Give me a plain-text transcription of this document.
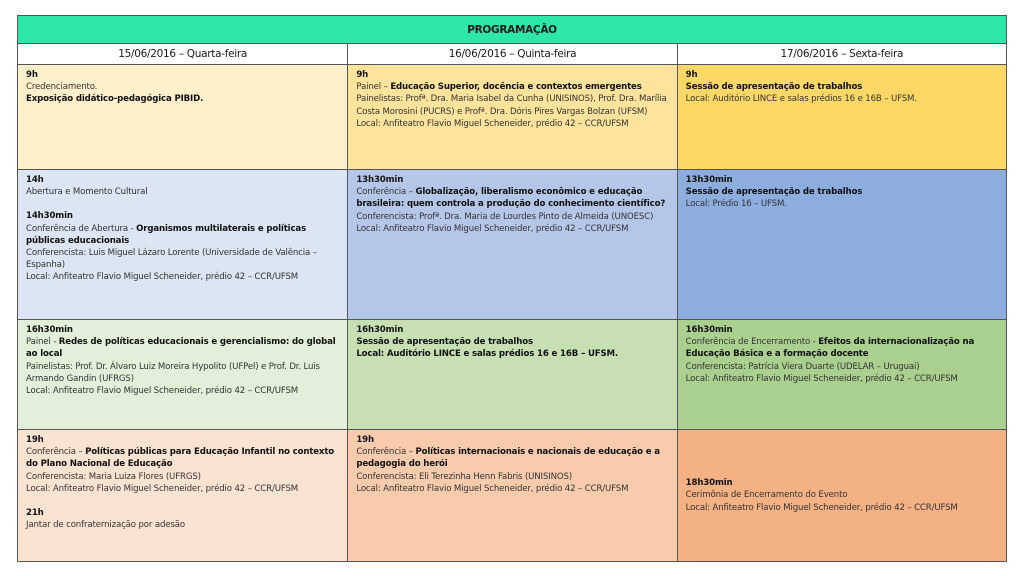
PROGRAMAÇÃO
15/06/2016 – Quarta-feira	16/06/2016 – Quinta-feira	17/06/2016 – Sexta-feira
9h
Credenciamento.
Exposição didático-pedagógica PIBID.
9h
Painel – Educação Superior, docência e contextos emergentes
Painelistas: Profª. Dra. Maria Isabel da Cunha (UNISINOS), Prof. Dra. Marília Costa Morosini (PUCRS) e Profª. Dra. Dóris Pires Vargas Bolzan (UFSM)
Local: Anfiteatro Flavio Miguel Scheneider, prédio 42 – CCR/UFSM
9h
Sessão de apresentação de trabalhos
Local: Auditório LINCE e salas prédios 16 e 16B – UFSM.
14h
Abertura e Momento Cultural
14h30min
Conferência de Abertura - Organismos multilaterais e políticas públicas educacionais
Conferencista: Luis Miguel Lázaro Lorente (Universidade de Valência – Espanha)
Local: Anfiteatro Flavio Miguel Scheneider, prédio 42 – CCR/UFSM
13h30min
Conferência – Globalização, liberalismo econômico e educação brasileira: quem controla a produção do conhecimento científico?
Conferencista: Profª. Dra. Maria de Lourdes Pinto de Almeida (UNOESC)
Local: Anfiteatro Flavio Miguel Scheneider, prédio 42 – CCR/UFSM
13h30min
Sessão de apresentação de trabalhos
Local: Prédio 16 – UFSM.
16h30min
Painel - Redes de políticas educacionais e gerencialismo: do global ao local
Painelistas: Prof. Dr. Álvaro Luiz Moreira Hypolito (UFPel) e Prof. Dr. Luis Armando Gandin (UFRGS)
Local: Anfiteatro Flavio Miguel Scheneider, prédio 42 – CCR/UFSM
16h30min
Sessão de apresentação de trabalhos
Local: Auditório LINCE e salas prédios 16 e 16B – UFSM.
16h30min
Conferência de Encerramento - Efeitos da internacionalização na Educação Básica e a formação docente
Conferencista: Patrícia Viera Duarte (UDELAR – Uruguai)
Local: Anfiteatro Flavio Miguel Scheneider, prédio 42 – CCR/UFSM
19h
Conferência – Políticas públicas para Educação Infantil no contexto do Plano Nacional de Educação
Conferencista: Maria Luiza Flores (UFRGS)
Local: Anfiteatro Flavio Miguel Scheneider, prédio 42 – CCR/UFSM
21h
Jantar de confraternização por adesão
19h
Conferência – Políticas internacionais e nacionais de educação e a pedagogia do herói
Conferencista: Eli Terezinha Henn Fabris (UNISINOS)
Local: Anfiteatro Flavio Miguel Scheneider, prédio 42 – CCR/UFSM
18h30min
Cerimônia de Encerramento do Evento
Local: Anfiteatro Flavio Miguel Scheneider, prédio 42 – CCR/UFSM
